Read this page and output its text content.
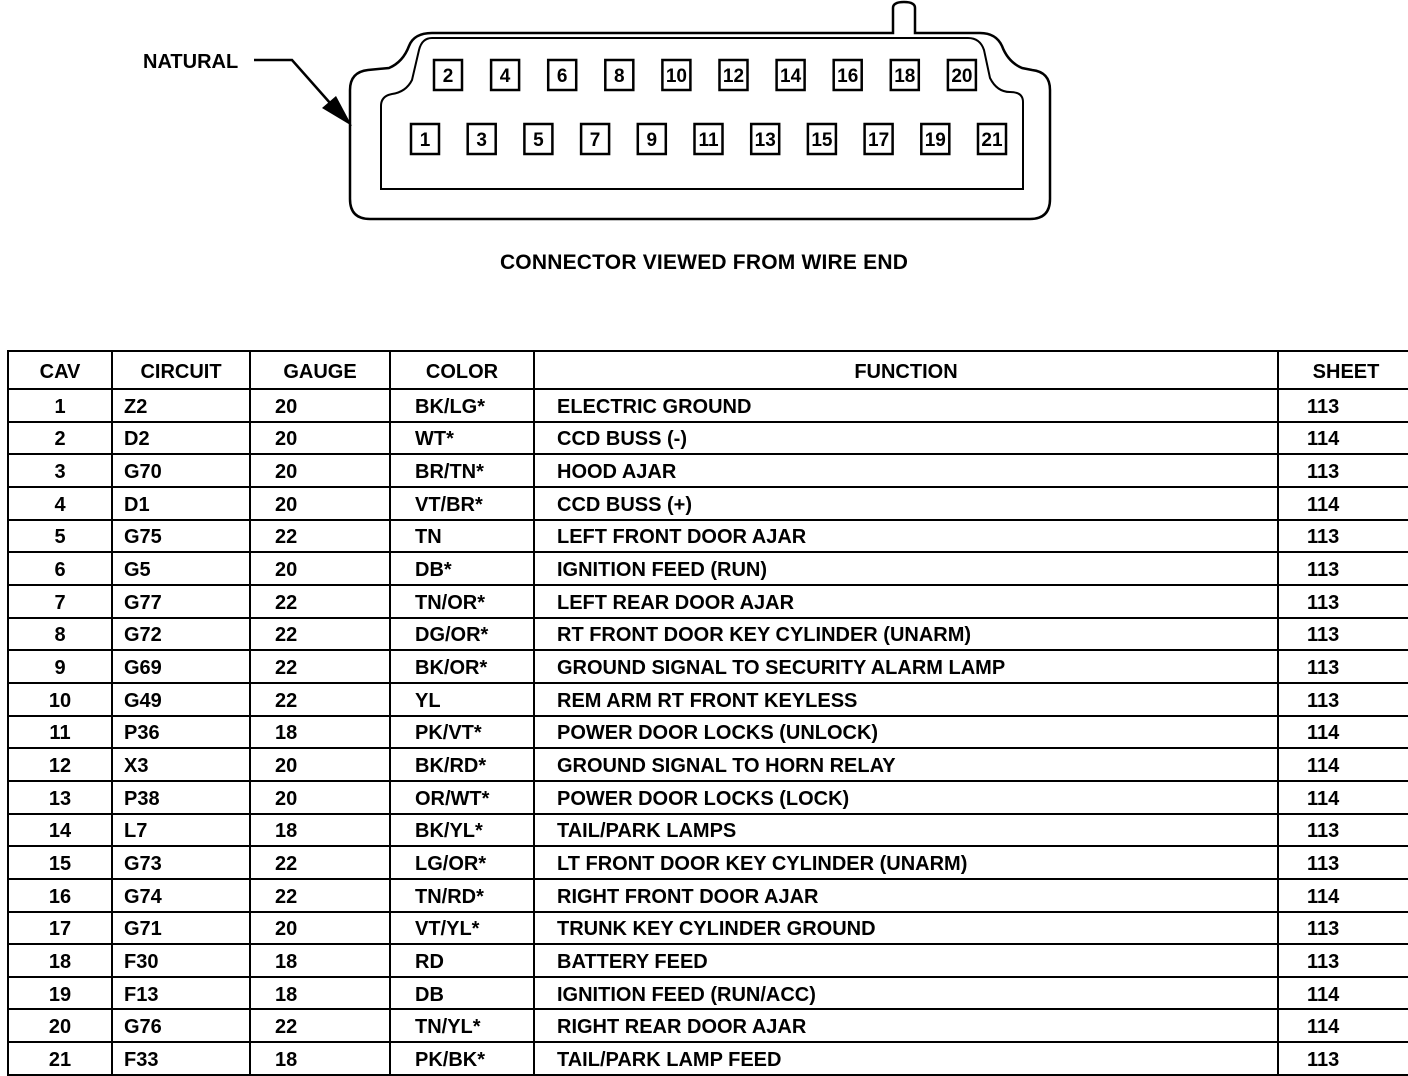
NATURAL
2 4 6 8 10 12 14 16 18 20
1 3 5 7 9 11 13 15 17 19 21
CONNECTOR VIEWED FROM WIRE END
CAV	CIRCUIT	GAUGE	COLOR	FUNCTION	SHEET
1	Z2	20	BK/LG*	ELECTRIC GROUND	113
2	D2	20	WT*	CCD BUSS (-)	114
3	G70	20	BR/TN*	HOOD AJAR	113
4	D1	20	VT/BR*	CCD BUSS (+)	114
5	G75	22	TN	LEFT FRONT DOOR AJAR	113
6	G5	20	DB*	IGNITION FEED (RUN)	113
7	G77	22	TN/OR*	LEFT REAR DOOR AJAR	113
8	G72	22	DG/OR*	RT FRONT DOOR KEY CYLINDER (UNARM)	113
9	G69	22	BK/OR*	GROUND SIGNAL TO SECURITY ALARM LAMP	113
10	G49	22	YL	REM ARM RT FRONT KEYLESS	113
11	P36	18	PK/VT*	POWER DOOR LOCKS (UNLOCK)	114
12	X3	20	BK/RD*	GROUND SIGNAL TO HORN RELAY	114
13	P38	20	OR/WT*	POWER DOOR LOCKS (LOCK)	114
14	L7	18	BK/YL*	TAIL/PARK LAMPS	113
15	G73	22	LG/OR*	LT FRONT DOOR KEY CYLINDER (UNARM)	113
16	G74	22	TN/RD*	RIGHT FRONT DOOR AJAR	114
17	G71	20	VT/YL*	TRUNK KEY CYLINDER GROUND	113
18	F30	18	RD	BATTERY FEED	113
19	F13	18	DB	IGNITION FEED (RUN/ACC)	114
20	G76	22	TN/YL*	RIGHT REAR DOOR AJAR	114
21	F33	18	PK/BK*	TAIL/PARK LAMP FEED	113
